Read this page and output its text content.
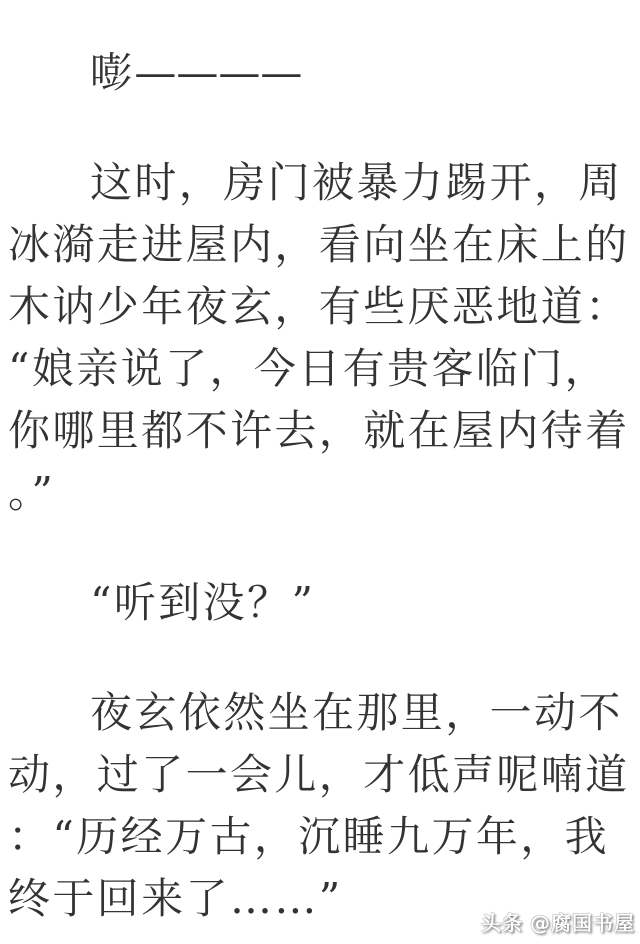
嘭————
这时，房门被暴力踢开，周
冰漪走进屋内，看向坐在床上的
木讷少年夜玄，有些厌恶地道：
“娘亲说了，今日有贵客临门，
你哪里都不许去，就在屋内待着
。”
“听到没？”
夜玄依然坐在那里，一动不
动，过了一会儿，才低声呢喃道
：“历经万古，沉睡九万年，我
终于回来了……”	头条 @腐国书屋
